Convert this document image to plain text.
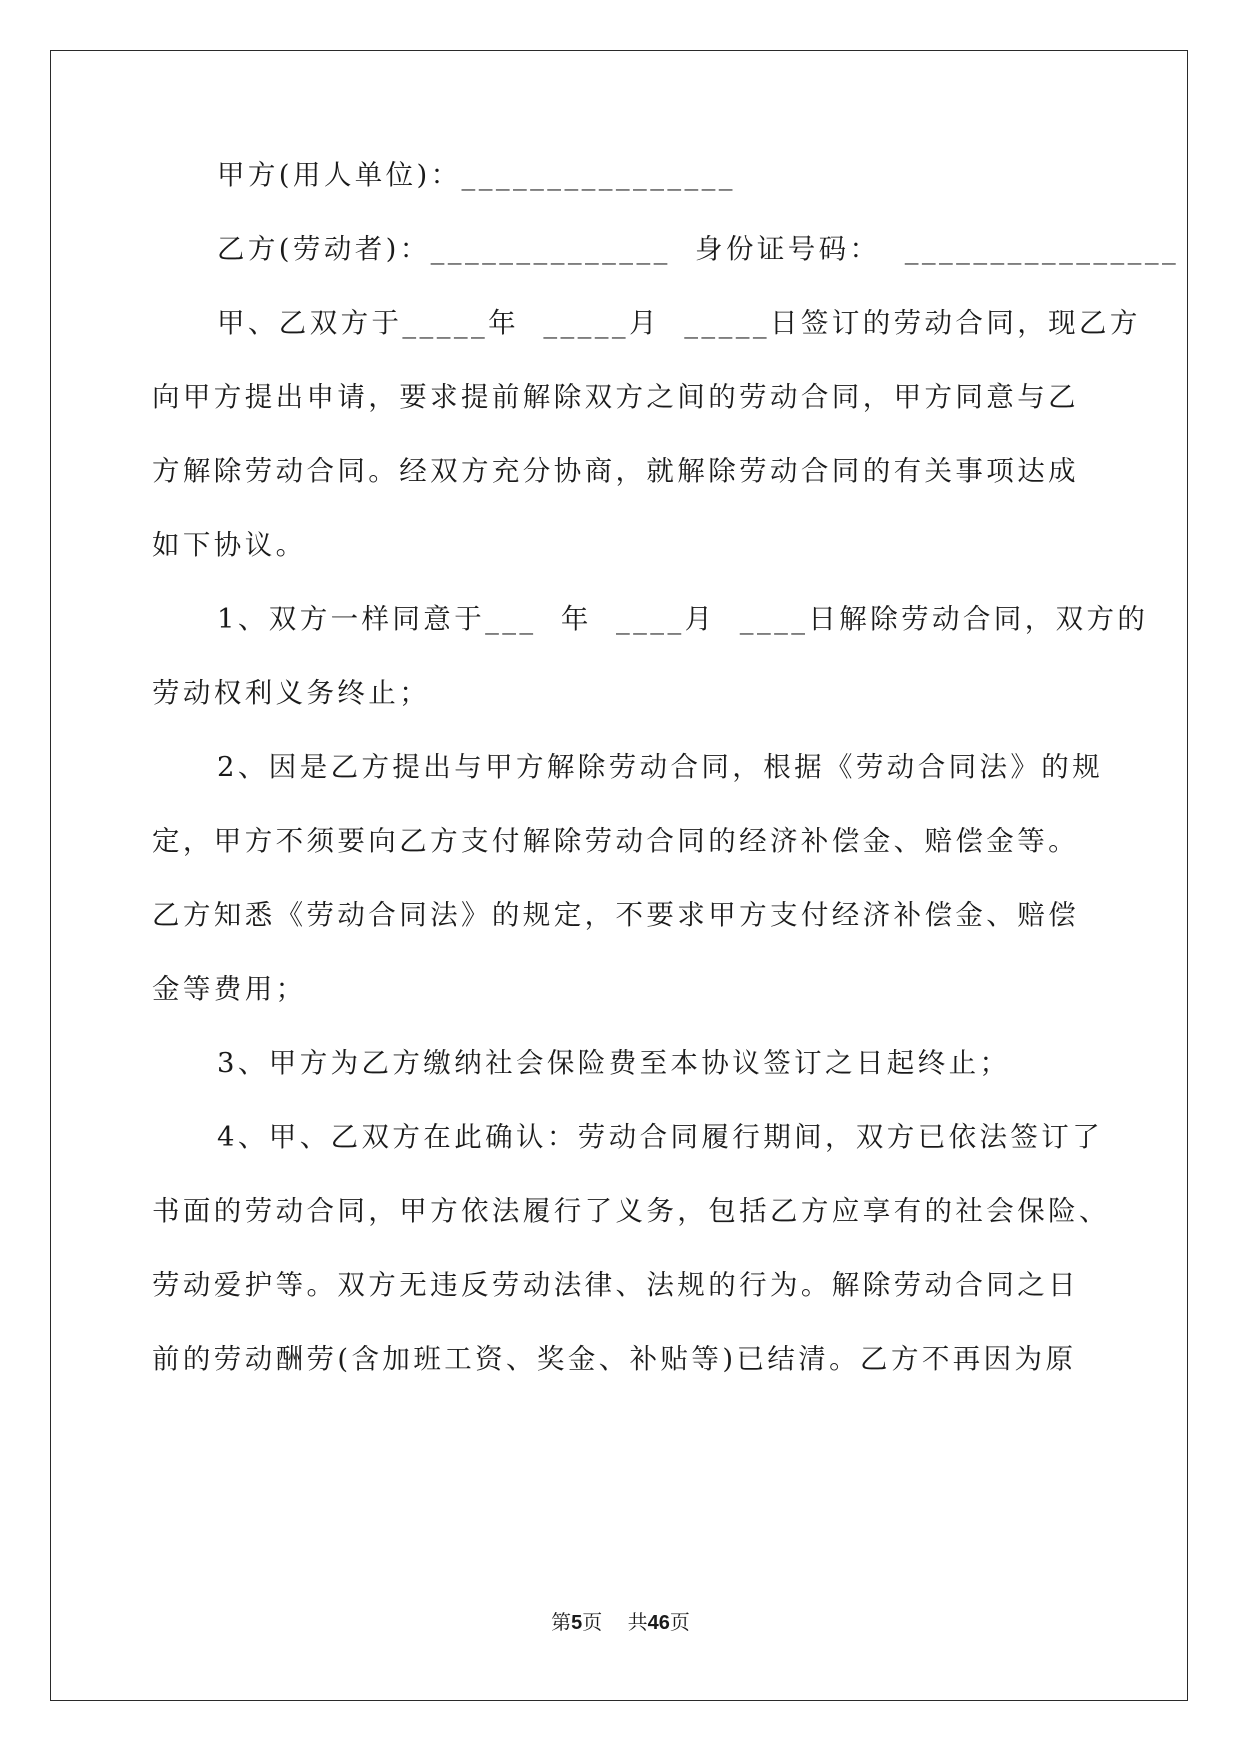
甲方(用人单位)：________________

乙方(劳动者)：______________  身份证号码：  ________________

甲、乙双方于_____年  _____月  _____日签订的劳动合同，现乙方

向甲方提出申请，要求提前解除双方之间的劳动合同，甲方同意与乙

方解除劳动合同。经双方充分协商，就解除劳动合同的有关事项达成

如下协议。

1、双方一样同意于___  年  ____月  ____日解除劳动合同，双方的

劳动权利义务终止；

2、因是乙方提出与甲方解除劳动合同，根据《劳动合同法》的规

定，甲方不须要向乙方支付解除劳动合同的经济补偿金、赔偿金等。

乙方知悉《劳动合同法》的规定，不要求甲方支付经济补偿金、赔偿

金等费用；

3、甲方为乙方缴纳社会保险费至本协议签订之日起终止；

4、甲、乙双方在此确认：劳动合同履行期间，双方已依法签订了

书面的劳动合同，甲方依法履行了义务，包括乙方应享有的社会保险、

劳动爱护等。双方无违反劳动法律、法规的行为。解除劳动合同之日

前的劳动酬劳(含加班工资、奖金、补贴等)已结清。乙方不再因为原

第5页 共46页
